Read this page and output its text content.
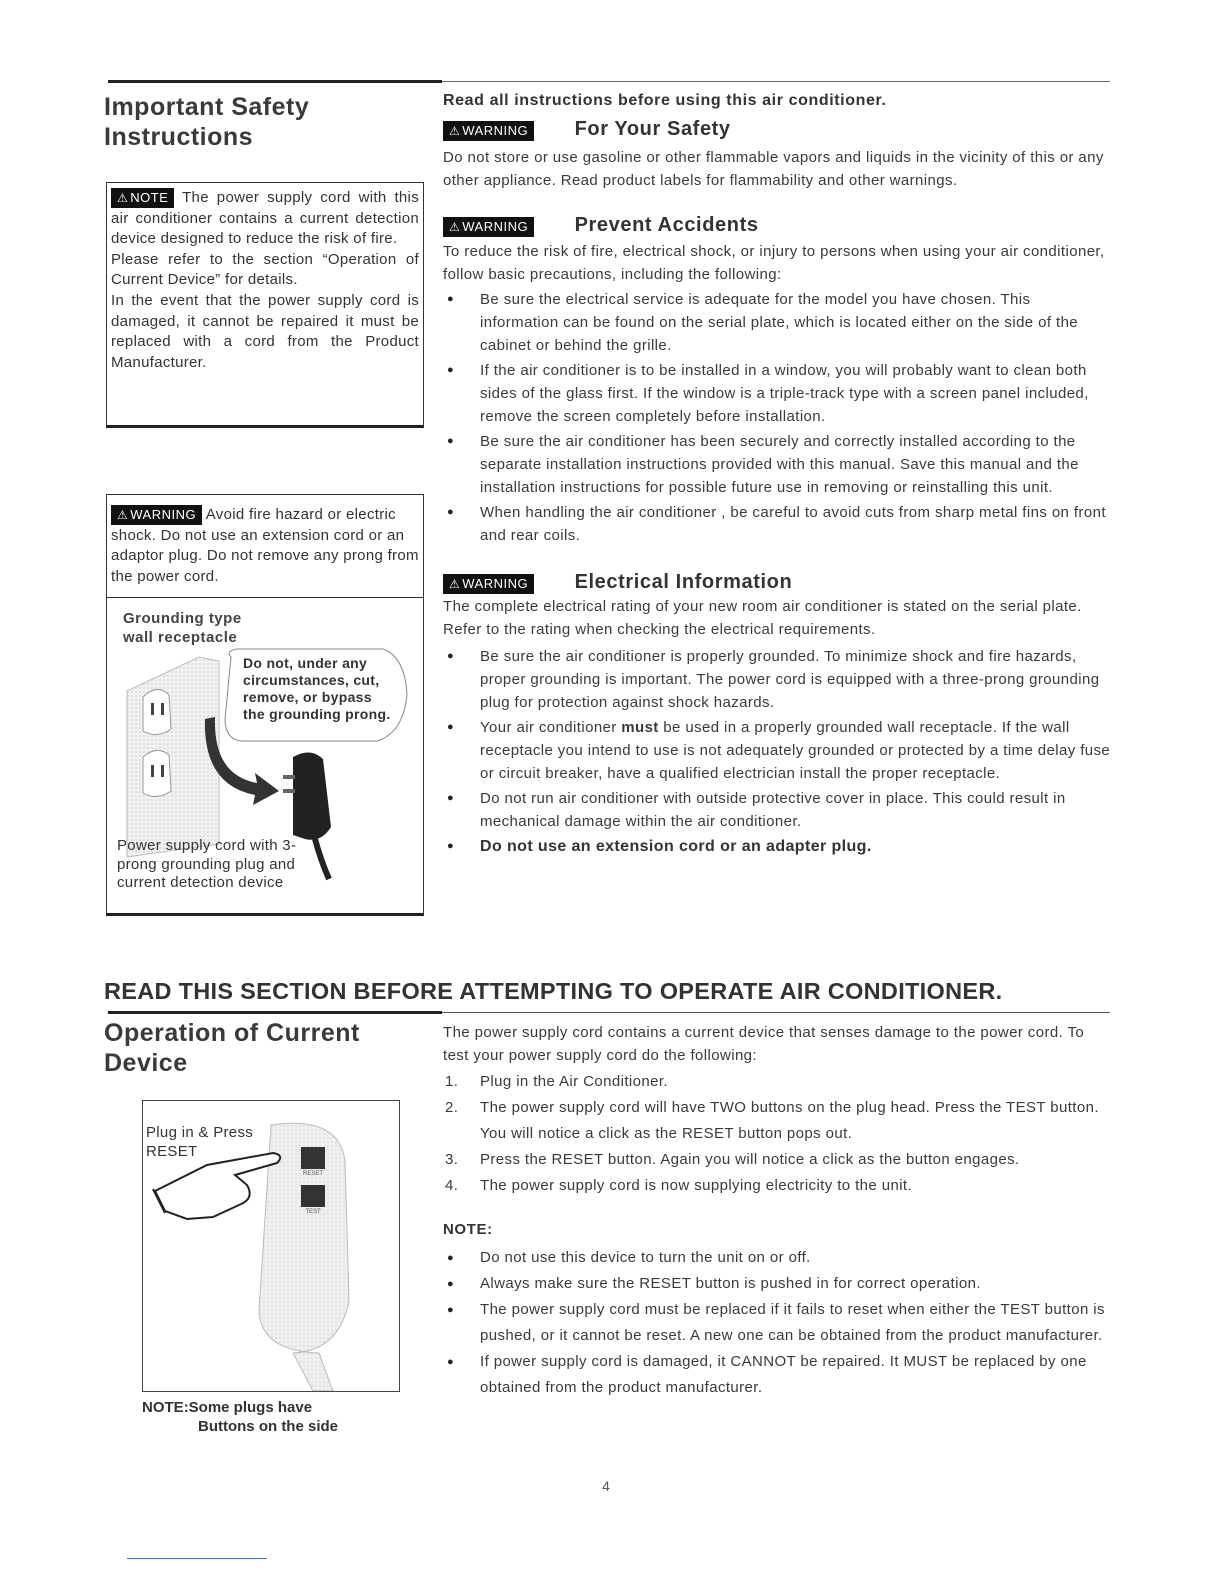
Important Safety
Instructions
⚠ NOTE The power supply cord with this air conditioner contains a current detection device designed to reduce the risk of fire.
Please refer to the section “Operation of Current Device” for details.
In the event that the power supply cord is damaged, it cannot be repaired it must be replaced with a cord from the Product Manufacturer.
⚠ WARNING Avoid fire hazard or electric shock. Do not use an extension cord or an adaptor plug. Do not remove any prong from the power cord.
Grounding type wall receptacle
Do not, under any circumstances, cut, remove, or bypass the grounding prong.
Power supply cord with 3-prong grounding plug and current detection device
Read all instructions before using this air conditioner.
⚠ WARNING For Your Safety
Do not store or use gasoline or other flammable vapors and liquids in the vicinity of this or any other appliance. Read product labels for flammability and other warnings.
⚠ WARNING Prevent Accidents
To reduce the risk of fire, electrical shock, or injury to persons when using your air conditioner, follow basic precautions, including the following:
● Be sure the electrical service is adequate for the model you have chosen. This information can be found on the serial plate, which is located either on the side of the cabinet or behind the grille.
● If the air conditioner is to be installed in a window, you will probably want to clean both sides of the glass first. If the window is a triple-track type with a screen panel included, remove the screen completely before installation.
● Be sure the air conditioner has been securely and correctly installed according to the separate installation instructions provided with this manual. Save this manual and the installation instructions for possible future use in removing or reinstalling this unit.
● When handling the air conditioner , be careful to avoid cuts from sharp metal fins on front and rear coils.
⚠ WARNING Electrical Information
The complete electrical rating of your new room air conditioner is stated on the serial plate. Refer to the rating when checking the electrical requirements.
● Be sure the air conditioner is properly grounded. To minimize shock and fire hazards, proper grounding is important. The power cord is equipped with a three-prong grounding plug for protection against shock hazards.
● Your air conditioner must be used in a properly grounded wall receptacle. If the wall receptacle you intend to use is not adequately grounded or protected by a time delay fuse or circuit breaker, have a qualified electrician install the proper receptacle.
● Do not run air conditioner with outside protective cover in place. This could result in mechanical damage within the air conditioner.
● Do not use an extension cord or an adapter plug.
READ THIS SECTION BEFORE ATTEMPTING TO OPERATE AIR CONDITIONER.
Operation of Current
Device
Plug in & Press RESET
RESET
TEST
NOTE:Some plugs have
Buttons on the side
The power supply cord contains a current device that senses damage to the power cord. To test your power supply cord do the following:
1. Plug in the Air Conditioner.
2. The power supply cord will have TWO buttons on the plug head. Press the TEST button. You will notice a click as the RESET button pops out.
3. Press the RESET button. Again you will notice a click as the button engages.
4. The power supply cord is now supplying electricity to the unit.
NOTE:
● Do not use this device to turn the unit on or off.
● Always make sure the RESET button is pushed in for correct operation.
● The power supply cord must be replaced if it fails to reset when either the TEST button is pushed, or it cannot be reset. A new one can be obtained from the product manufacturer.
● If power supply cord is damaged, it CANNOT be repaired. It MUST be replaced by one obtained from the product manufacturer.
4
